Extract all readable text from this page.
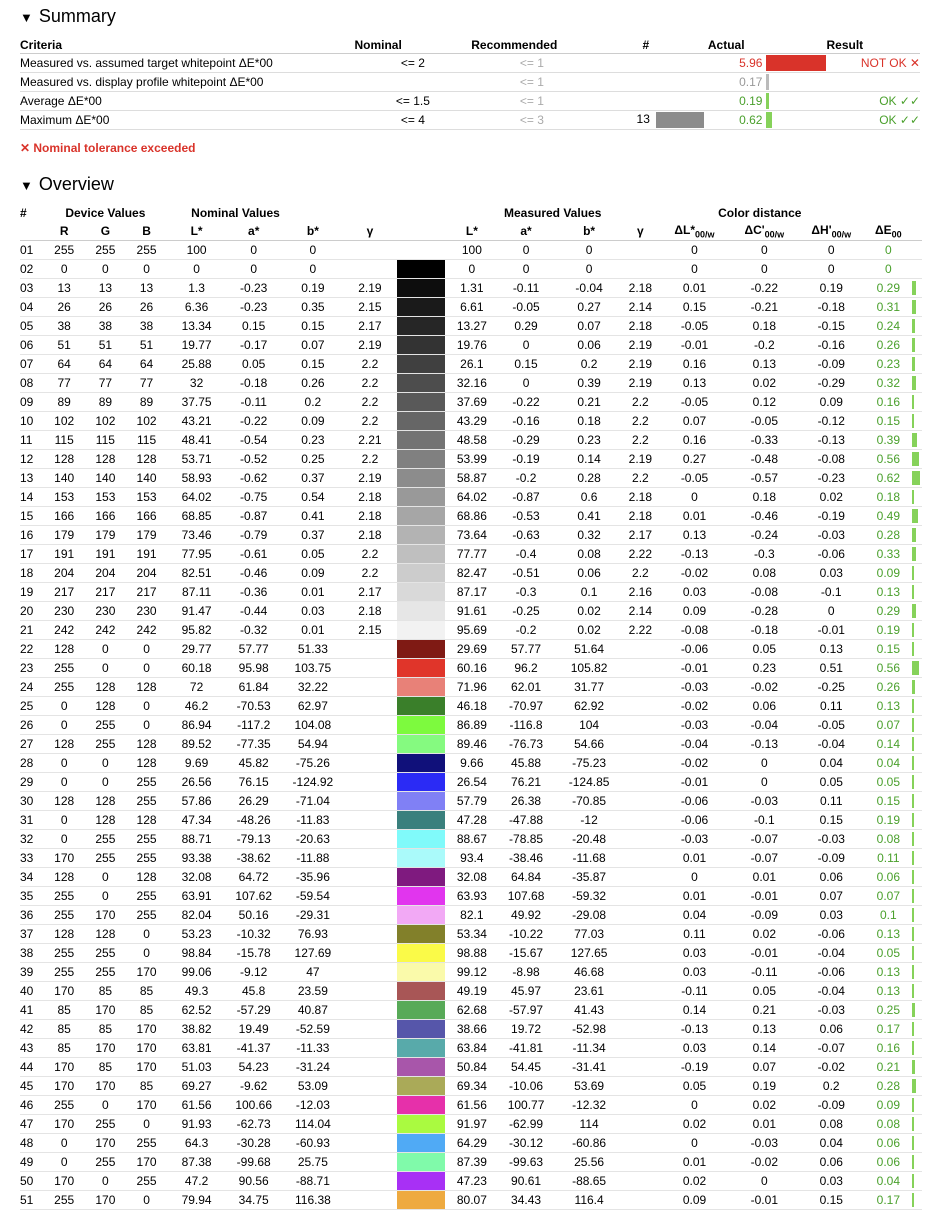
▼ Summary
Criteria	Nominal	Recommended	#	Actual		Result
Measured vs. assumed target whitepoint ΔE*00	<= 2	<= 1		5.96		NOT OK ✕
Measured vs. display profile whitepoint ΔE*00		<= 1		0.17	

Average ΔE*00	<= 1.5	<= 1		0.19		OK ✓✓
Maximum ΔE*00	<= 4	<= 3	13	0.62		OK ✓✓
✕ Nominal tolerance exceeded
▼ Overview
#	Device Values			Nominal Values					Measured Values				Color distance				
	R	G	B	L*	a*	b*	γ		L*	a*	b*	γ	$\Delta L*_{00/w}$	$\Delta C'_{00/w}$	$\Delta H'_{00/w}$	$\Delta E_{00}$	
01	255	255	255	100	0	0			100	0	0		0	0	0	0	
02	0	0	0	0	0	0			0	0	0		0	0	0	0	
03	13	13	13	1.3	-0.23	0.19	2.19		1.31	-0.11	-0.04	2.18	0.01	-0.22	0.19	0.29	

04	26	26	26	6.36	-0.23	0.35	2.15		6.61	-0.05	0.27	2.14	0.15	-0.21	-0.18	0.31	

05	38	38	38	13.34	0.15	0.15	2.17		13.27	0.29	0.07	2.18	-0.05	0.18	-0.15	0.24	

06	51	51	51	19.77	-0.17	0.07	2.19		19.76	0	0.06	2.19	-0.01	-0.2	-0.16	0.26	

07	64	64	64	25.88	0.05	0.15	2.2		26.1	0.15	0.2	2.19	0.16	0.13	-0.09	0.23	

08	77	77	77	32	-0.18	0.26	2.2		32.16	0	0.39	2.19	0.13	0.02	-0.29	0.32	

09	89	89	89	37.75	-0.11	0.2	2.2		37.69	-0.22	0.21	2.2	-0.05	0.12	0.09	0.16	

10	102	102	102	43.21	-0.22	0.09	2.2		43.29	-0.16	0.18	2.2	0.07	-0.05	-0.12	0.15	

11	115	115	115	48.41	-0.54	0.23	2.21		48.58	-0.29	0.23	2.2	0.16	-0.33	-0.13	0.39	

12	128	128	128	53.71	-0.52	0.25	2.2		53.99	-0.19	0.14	2.19	0.27	-0.48	-0.08	0.56	

13	140	140	140	58.93	-0.62	0.37	2.19		58.87	-0.2	0.28	2.2	-0.05	-0.57	-0.23	0.62	

14	153	153	153	64.02	-0.75	0.54	2.18		64.02	-0.87	0.6	2.18	0	0.18	0.02	0.18	

15	166	166	166	68.85	-0.87	0.41	2.18		68.86	-0.53	0.41	2.18	0.01	-0.46	-0.19	0.49	

16	179	179	179	73.46	-0.79	0.37	2.18		73.64	-0.63	0.32	2.17	0.13	-0.24	-0.03	0.28	

17	191	191	191	77.95	-0.61	0.05	2.2		77.77	-0.4	0.08	2.22	-0.13	-0.3	-0.06	0.33	

18	204	204	204	82.51	-0.46	0.09	2.2		82.47	-0.51	0.06	2.2	-0.02	0.08	0.03	0.09	

19	217	217	217	87.11	-0.36	0.01	2.17		87.17	-0.3	0.1	2.16	0.03	-0.08	-0.1	0.13	

20	230	230	230	91.47	-0.44	0.03	2.18		91.61	-0.25	0.02	2.14	0.09	-0.28	0	0.29	

21	242	242	242	95.82	-0.32	0.01	2.15		95.69	-0.2	0.02	2.22	-0.08	-0.18	-0.01	0.19	

22	128	0	0	29.77	57.77	51.33			29.69	57.77	51.64		-0.06	0.05	0.13	0.15	

23	255	0	0	60.18	95.98	103.75			60.16	96.2	105.82		-0.01	0.23	0.51	0.56	

24	255	128	128	72	61.84	32.22			71.96	62.01	31.77		-0.03	-0.02	-0.25	0.26	

25	0	128	0	46.2	-70.53	62.97			46.18	-70.97	62.92		-0.02	0.06	0.11	0.13	

26	0	255	0	86.94	-117.2	104.08			86.89	-116.8	104		-0.03	-0.04	-0.05	0.07	

27	128	255	128	89.52	-77.35	54.94			89.46	-76.73	54.66		-0.04	-0.13	-0.04	0.14	

28	0	0	128	9.69	45.82	-75.26			9.66	45.88	-75.23		-0.02	0	0.04	0.04	

29	0	0	255	26.56	76.15	-124.92			26.54	76.21	-124.85		-0.01	0	0.05	0.05	

30	128	128	255	57.86	26.29	-71.04			57.79	26.38	-70.85		-0.06	-0.03	0.11	0.15	

31	0	128	128	47.34	-48.26	-11.83			47.28	-47.88	-12		-0.06	-0.1	0.15	0.19	

32	0	255	255	88.71	-79.13	-20.63			88.67	-78.85	-20.48		-0.03	-0.07	-0.03	0.08	

33	170	255	255	93.38	-38.62	-11.88			93.4	-38.46	-11.68		0.01	-0.07	-0.09	0.11	

34	128	0	128	32.08	64.72	-35.96			32.08	64.84	-35.87		0	0.01	0.06	0.06	

35	255	0	255	63.91	107.62	-59.54			63.93	107.68	-59.32		0.01	-0.01	0.07	0.07	

36	255	170	255	82.04	50.16	-29.31			82.1	49.92	-29.08		0.04	-0.09	0.03	0.1	

37	128	128	0	53.23	-10.32	76.93			53.34	-10.22	77.03		0.11	0.02	-0.06	0.13	

38	255	255	0	98.84	-15.78	127.69			98.88	-15.67	127.65		0.03	-0.01	-0.04	0.05	

39	255	255	170	99.06	-9.12	47			99.12	-8.98	46.68		0.03	-0.11	-0.06	0.13	

40	170	85	85	49.3	45.8	23.59			49.19	45.97	23.61		-0.11	0.05	-0.04	0.13	

41	85	170	85	62.52	-57.29	40.87			62.68	-57.97	41.43		0.14	0.21	-0.03	0.25	

42	85	85	170	38.82	19.49	-52.59			38.66	19.72	-52.98		-0.13	0.13	0.06	0.17	

43	85	170	170	63.81	-41.37	-11.33			63.84	-41.81	-11.34		0.03	0.14	-0.07	0.16	

44	170	85	170	51.03	54.23	-31.24			50.84	54.45	-31.41		-0.19	0.07	-0.02	0.21	

45	170	170	85	69.27	-9.62	53.09			69.34	-10.06	53.69		0.05	0.19	0.2	0.28	

46	255	0	170	61.56	100.66	-12.03			61.56	100.77	-12.32		0	0.02	-0.09	0.09	

47	170	255	0	91.93	-62.73	114.04			91.97	-62.99	114		0.02	0.01	0.08	0.08	

48	0	170	255	64.3	-30.28	-60.93			64.29	-30.12	-60.86		0	-0.03	0.04	0.06	

49	0	255	170	87.38	-99.68	25.75			87.39	-99.63	25.56		0.01	-0.02	0.06	0.06	

50	170	0	255	47.2	90.56	-88.71			47.23	90.61	-88.65		0.02	0	0.03	0.04	

51	255	170	0	79.94	34.75	116.38			80.07	34.43	116.4		0.09	-0.01	0.15	0.17	
